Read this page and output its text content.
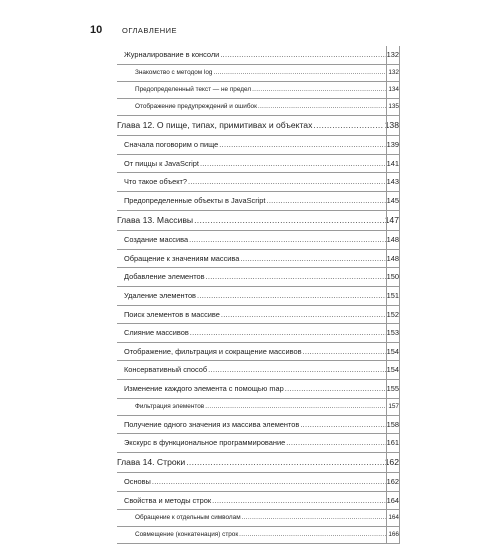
10	ОГЛАВЛЕНИЕ
Журналирование в консоли .....	132
Знакомство с методом log .....	132
Предопределенный текст — не предел .....	134
Отображение предупреждений и ошибок .....	135
Глава 12. О пище, типах, примитивах и объектах .....	138
Сначала поговорим о пище .....	139
От пиццы к JavaScript .....	141
Что такое объект? .....	143
Предопределенные объекты в JavaScript .....	145
Глава 13. Массивы .....	147
Создание массива .....	148
Обращение к значениям массива .....	148
Добавление элементов .....	150
Удаление элементов .....	151
Поиск элементов в массиве .....	152
Слияние массивов .....	153
Отображение, фильтрация и сокращение массивов .....	154
Консервативный способ .....	154
Изменение каждого элемента с помощью map .....	155
Фильтрация элементов .....	157
Получение одного значения из массива элементов .....	158
Экскурс в функциональное программирование .....	161
Глава 14. Строки .....	162
Основы .....	162
Свойства и методы строк .....	164
Обращение к отдельным символам .....	164
Совмещение (конкатенация) строк .....	166
